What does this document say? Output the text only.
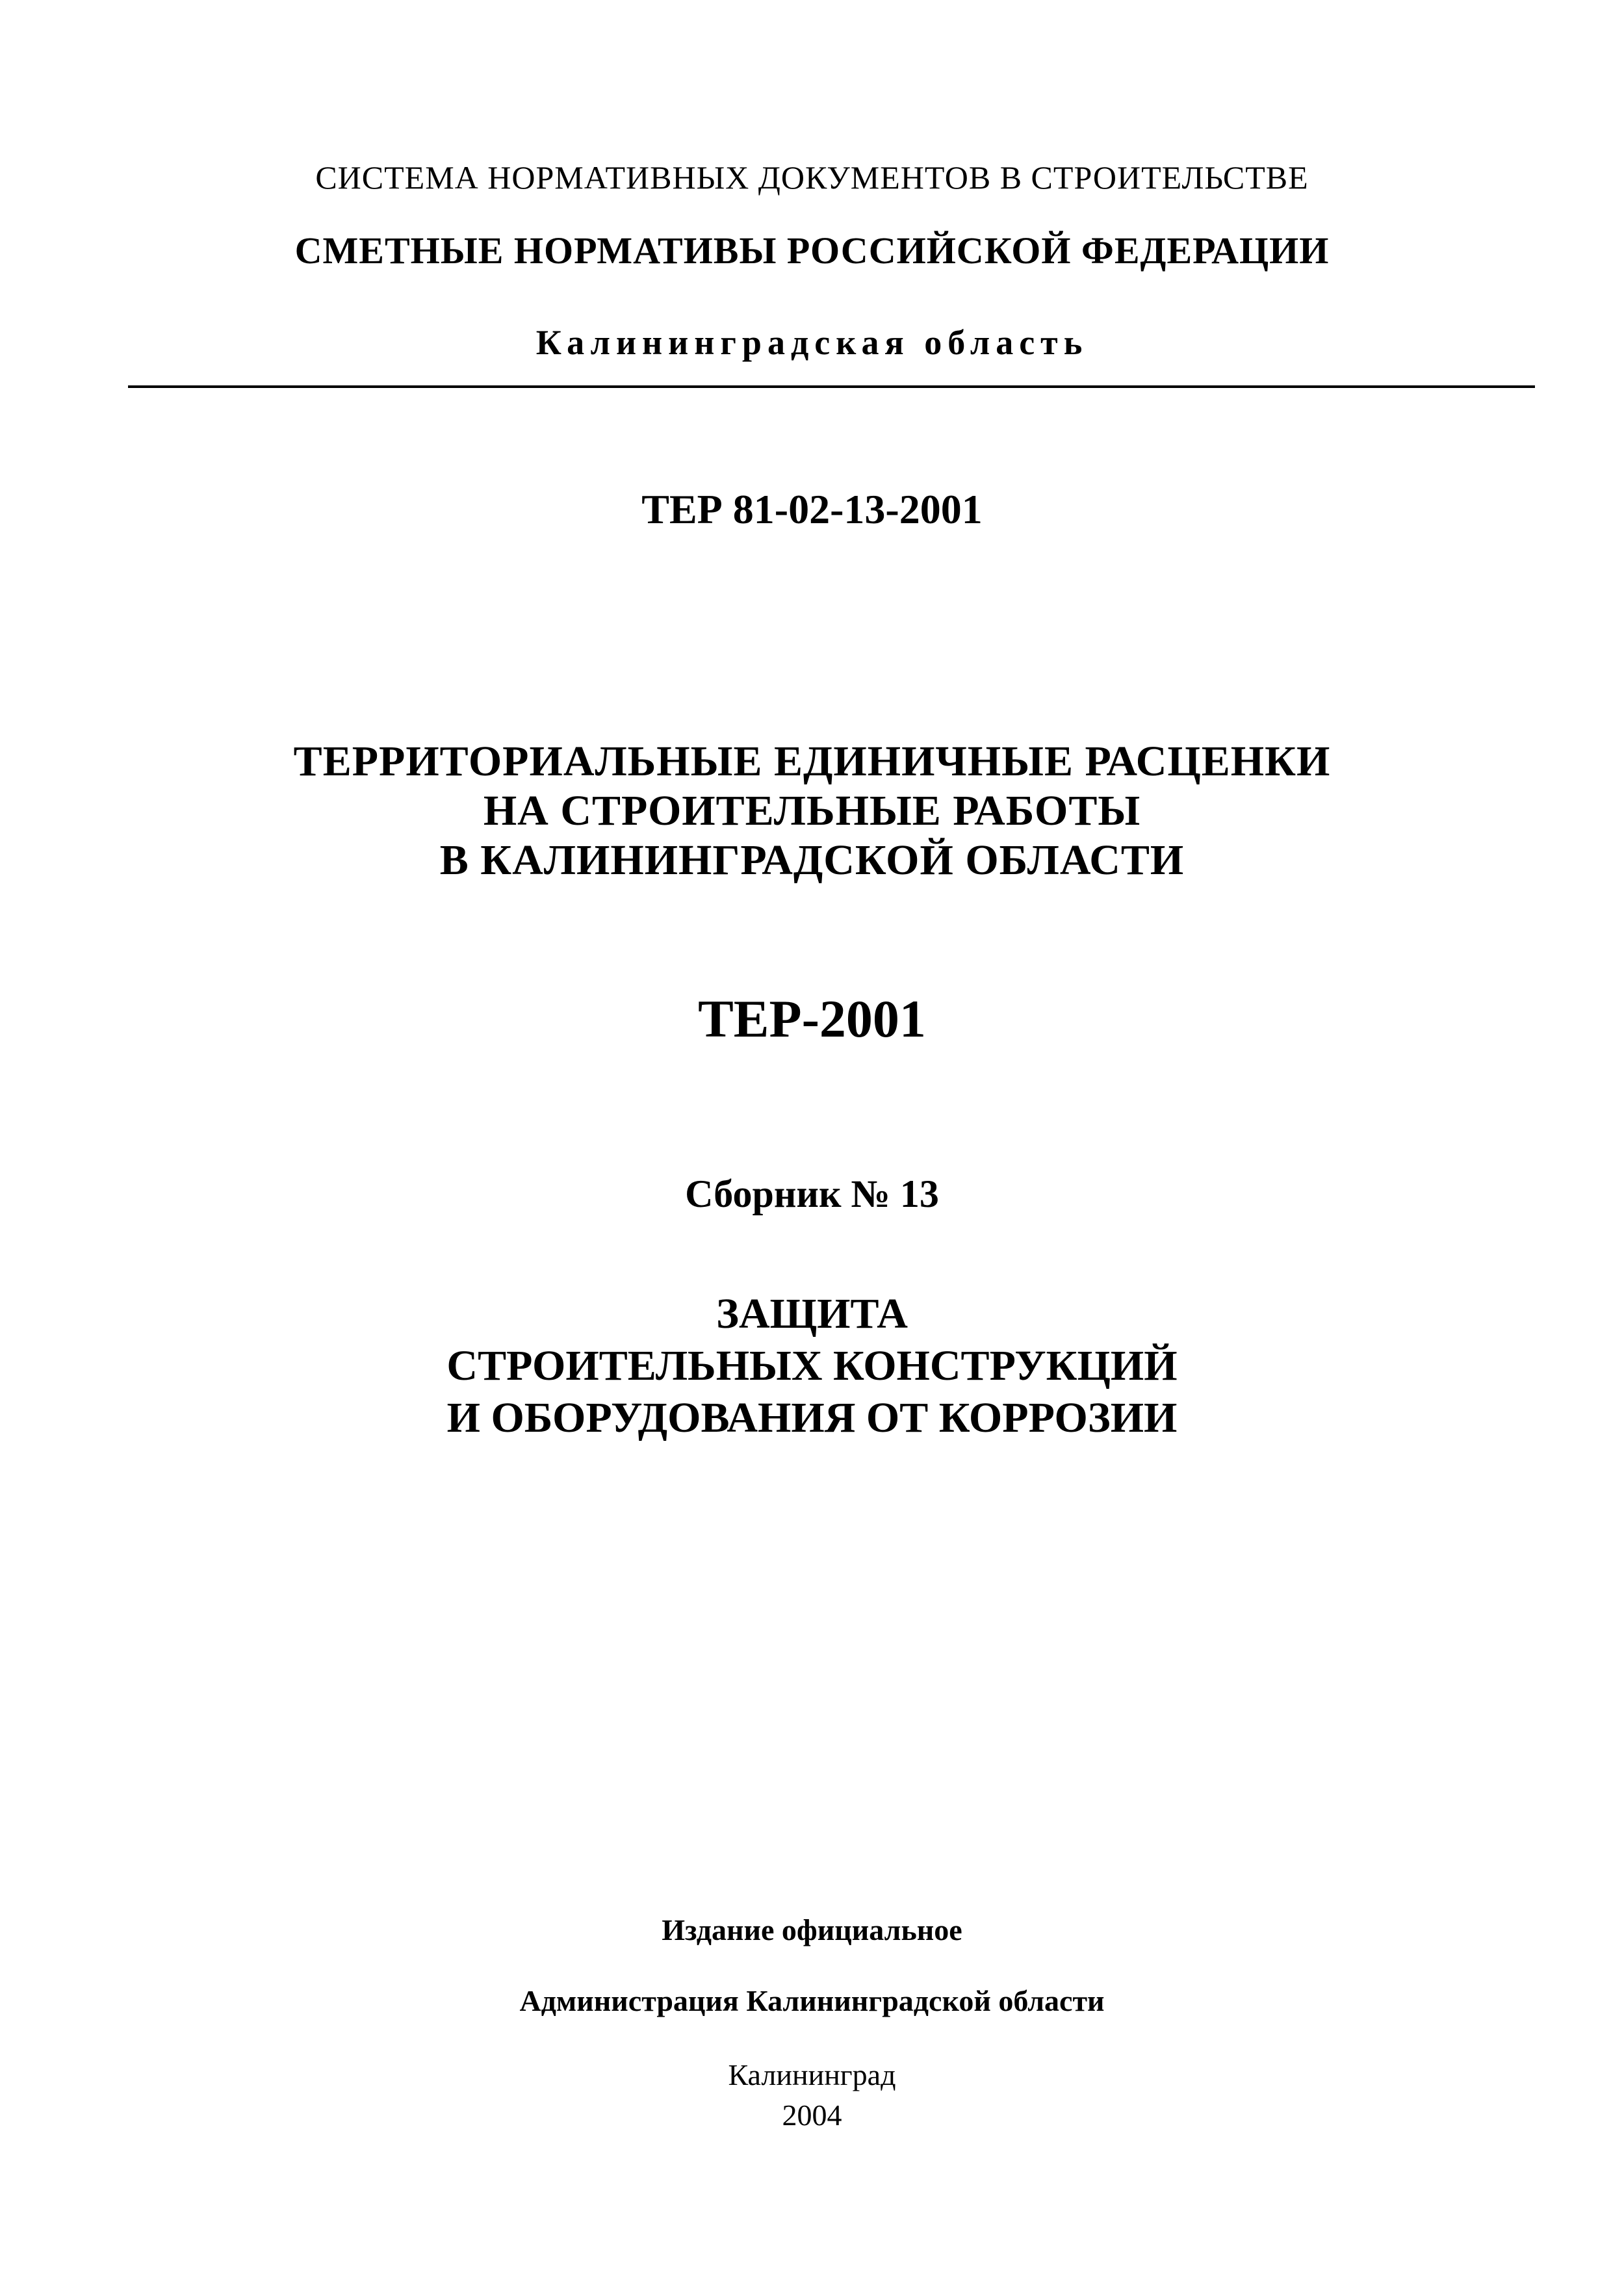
СИСТЕМА НОРМАТИВНЫХ ДОКУМЕНТОВ В СТРОИТЕЛЬСТВЕ
СМЕТНЫЕ НОРМАТИВЫ РОССИЙСКОЙ ФЕДЕРАЦИИ
Калининградская область
ТЕР 81-02-13-2001
ТЕРРИТОРИАЛЬНЫЕ ЕДИНИЧНЫЕ РАСЦЕНКИ
НА СТРОИТЕЛЬНЫЕ РАБОТЫ
В КАЛИНИНГРАДСКОЙ ОБЛАСТИ
ТЕР-2001
Сборник № 13
ЗАЩИТА
СТРОИТЕЛЬНЫХ КОНСТРУКЦИЙ
И ОБОРУДОВАНИЯ ОТ КОРРОЗИИ
Издание официальное
Администрация Калининградской области
Калининград
2004
